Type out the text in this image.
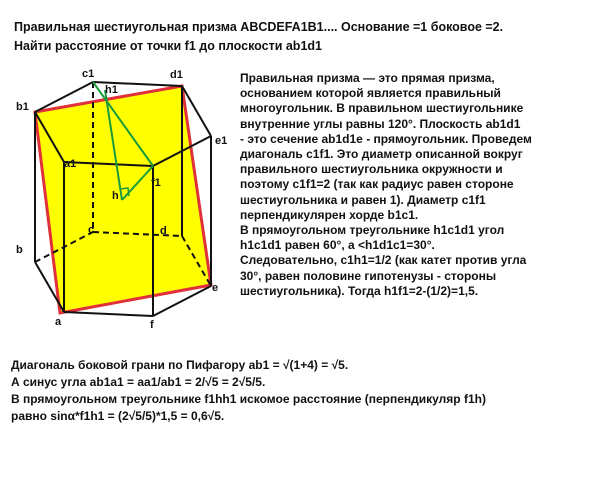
Правильная шестиугольная призма ABCDEFA1B1.... Основание =1 боковое =2.
Найти расстояние от точки f1 до плоскости ab1d1
c1
h1
d1
b1
e1
a1
f1
h
c	d
b
e
a	f
Правильная призма — это прямая призма,
основанием которой является правильный
многоугольник. В правильном шестиугольнике
внутренние углы равны 120°. Плоскость ab1d1
- это сечение ab1d1e - прямоугольник. Проведем
диагональ c1f1. Это диаметр описанной вокруг
правильного шестиугольника окружности и
поэтому c1f1=2 (так как радиус равен стороне
шестиугольника и равен 1). Диаметр c1f1
перпендикулярен хорде b1c1.
В прямоугольном треугольнике h1c1d1 угол
h1c1d1 равен 60°, а <h1d1c1=30°.
Следовательно, c1h1=1/2 (как катет против угла
30°, равен половине гипотенузы - стороны
шестиугольника). Тогда h1f1=2-(1/2)=1,5.
Диагональ боковой грани по Пифагору ab1 = √(1+4) = √5.
А синус угла ab1a1 = aa1/ab1 = 2/√5 = 2√5/5.
В прямоугольном треугольнике f1hh1 искомое расстояние (перпендикуляр f1h)
равно sinα*f1h1 = (2√5/5)*1,5 = 0,6√5.
